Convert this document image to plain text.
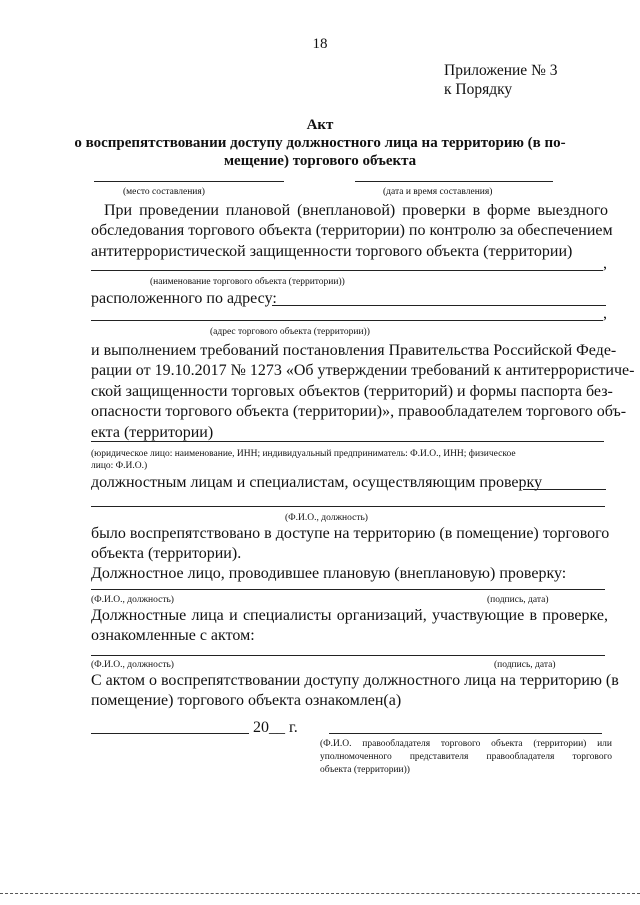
18
Приложение № 3
к Порядку
Акт
о воспрепятствовании доступу должностного лица на территорию (в по-
мещение) торгового объекта
(место составления)	(дата и время составления)
При проведении плановой (внеплановой) проверки в форме выездного
обследования торгового объекта (территории) по контролю за обеспечением
антитеррористической защищенности торгового объекта (территории)
,
(наименование торгового объекта (территории))
расположенного по адресу:
,
(адрес торгового объекта (территории))
и выполнением требований постановления Правительства Российской Феде-
рации от 19.10.2017 № 1273 «Об утверждении требований к антитеррористиче-
ской защищенности торговых объектов (территорий) и формы паспорта без-
опасности торгового объекта (территории)», правообладателем торгового объ-
екта (территории)
(юридическое лицо: наименование, ИНН; индивидуальный предприниматель: Ф.И.О., ИНН; физическое
лицо: Ф.И.О.)
должностным лицам и специалистам, осуществляющим проверку
(Ф.И.О., должность)
было воспрепятствовано в доступе на территорию (в помещение) торгового
объекта (территории).
Должностное лицо, проводившее плановую (внеплановую) проверку:
(Ф.И.О., должность)	(подпись, дата)
Должностные лица и специалисты организаций, участвующие в проверке,
ознакомленные с актом:
(Ф.И.О., должность)	(подпись, дата)
С актом о воспрепятствовании доступу должностного лица на территорию (в
помещение) торгового объекта ознакомлен(а)
20__ г.
(Ф.И.О. правообладателя торгового объекта (территории) или
уполномоченного представителя правообладателя торгового
объекта (территории))
